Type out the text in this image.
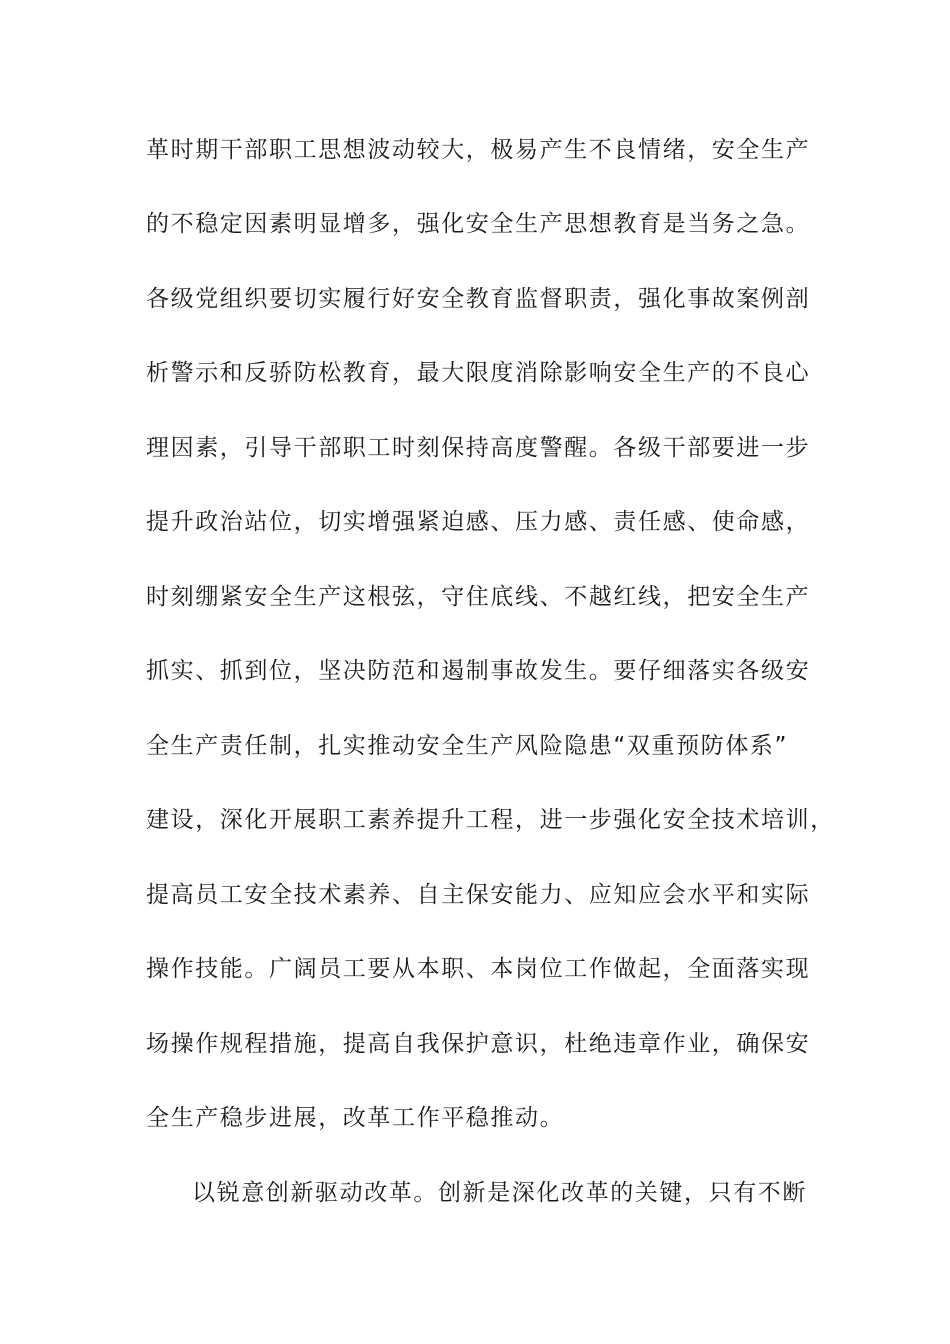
革时期干部职工思想波动较大，极易产生不良情绪，安全生产

的不稳定因素明显增多，强化安全生产思想教育是当务之急。

各级党组织要切实履行好安全教育监督职责，强化事故案例剖

析警示和反骄防松教育，最大限度消除影响安全生产的不良心

理因素，引导干部职工时刻保持高度警醒。各级干部要进一步

提升政治站位，切实增强紧迫感、压力感、责任感、使命感，

时刻绷紧安全生产这根弦，守住底线、不越红线，把安全生产

抓实、抓到位，坚决防范和遏制事故发生。要仔细落实各级安

全生产责任制，扎实推动安全生产风险隐患“双重预防体系”

建设，深化开展职工素养提升工程，进一步强化安全技术培训，

提高员工安全技术素养、自主保安能力、应知应会水平和实际

操作技能。广阔员工要从本职、本岗位工作做起，全面落实现

场操作规程措施，提高自我保护意识，杜绝违章作业，确保安

全生产稳步进展，改革工作平稳推动。

以锐意创新驱动改革。创新是深化改革的关键，只有不断
